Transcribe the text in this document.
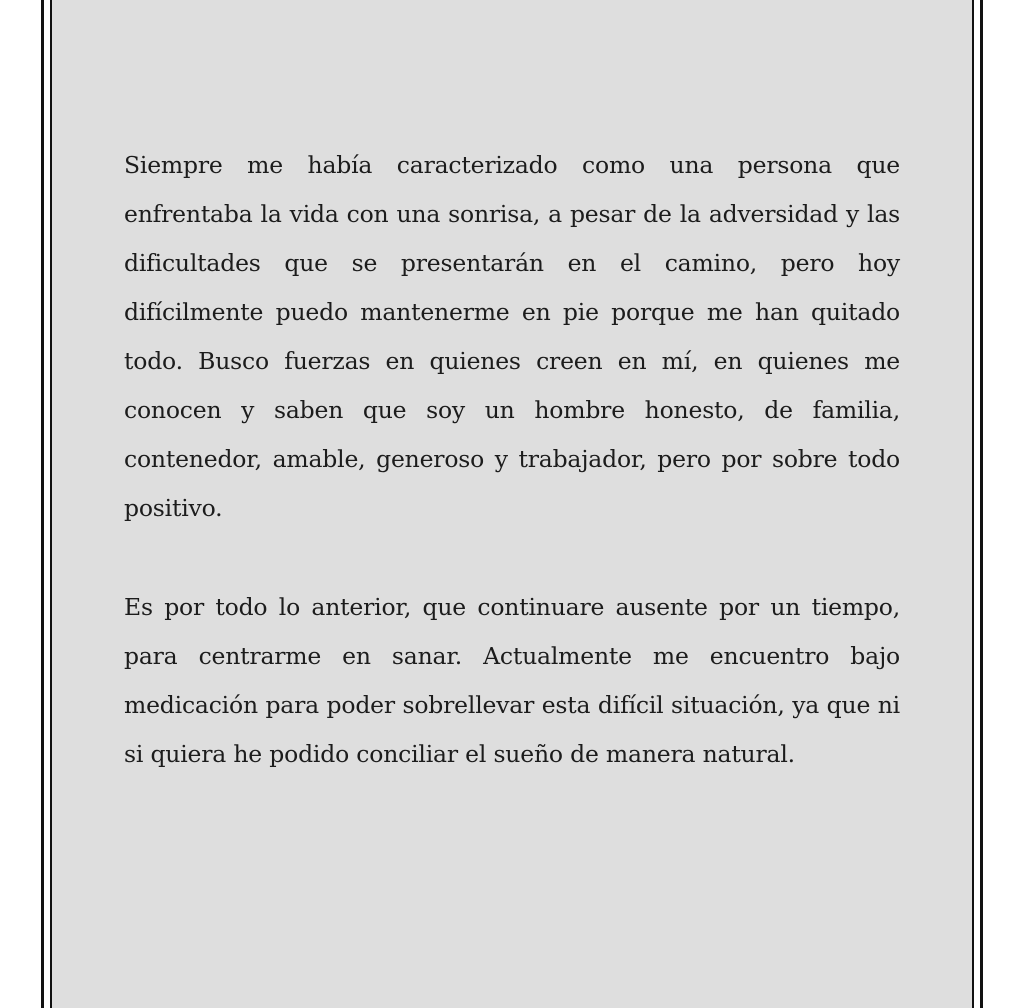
Siempre me había caracterizado como una persona que enfrentaba la vida con una sonrisa, a pesar de la adversidad y las dificultades que se presentarán en el camino, pero hoy difícilmente puedo mantenerme en pie porque me han quitado todo. Busco fuerzas en quienes creen en mí, en quienes me conocen y saben que soy un hombre honesto, de familia, contenedor, amable, generoso y trabajador, pero por sobre todo positivo.

Es por todo lo anterior, que continuare ausente por un tiempo, para centrarme en sanar. Actualmente me encuentro bajo medicación para poder sobrellevar esta difícil situación, ya que ni si quiera he podido conciliar el sueño de manera natural.
